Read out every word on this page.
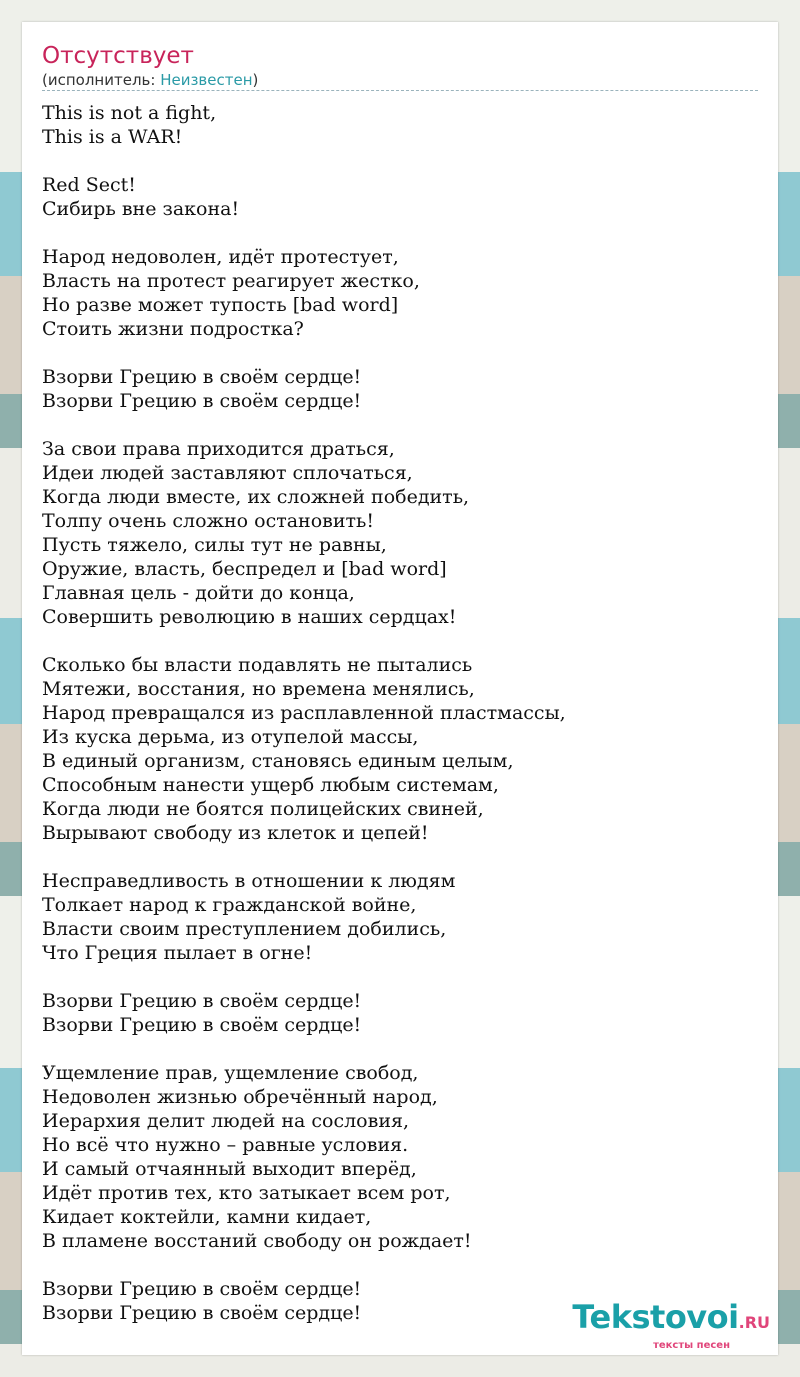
Отсутствует
(исполнитель: Неизвестен)
This is not a fight,
This is a WAR!
Red Sect!
Сибирь вне закона!
Народ недоволен, идёт протестует,
Власть на протест реагирует жестко,
Но разве может тупость [bad word]
Стоить жизни подростка?
Взорви Грецию в своём сердце!
Взорви Грецию в своём сердце!
За свои права приходится драться,
Идеи людей заставляют сплочаться,
Когда люди вместе, их сложней победить,
Толпу очень сложно остановить!
Пусть тяжело, силы тут не равны,
Оружие, власть, беспредел и [bad word]
Главная цель - дойти до конца,
Совершить революцию в наших сердцах!
Сколько бы власти подавлять не пытались
Мятежи, восстания, но времена менялись,
Народ превращался из расплавленной пластмассы,
Из куска дерьма, из отупелой массы,
В единый организм, становясь единым целым,
Способным нанести ущерб любым системам,
Когда люди не боятся полицейских свиней,
Вырывают свободу из клеток и цепей!
Несправедливость в отношении к людям
Толкает народ к гражданской войне,
Власти своим преступлением добились,
Что Греция пылает в огне!
Взорви Грецию в своём сердце!
Взорви Грецию в своём сердце!
Ущемление прав, ущемление свобод,
Недоволен жизнью обречённый народ,
Иерархия делит людей на сословия,
Но всё что нужно – равные условия.
И самый отчаянный выходит вперёд,
Идёт против тех, кто затыкает всем рот,
Кидает коктейли, камни кидает,
В пламене восстаний свободу он рождает!
Взорви Грецию в своём сердце!
Взорви Грецию в своём сердце!	Tekstovoi.RU
тексты песен
